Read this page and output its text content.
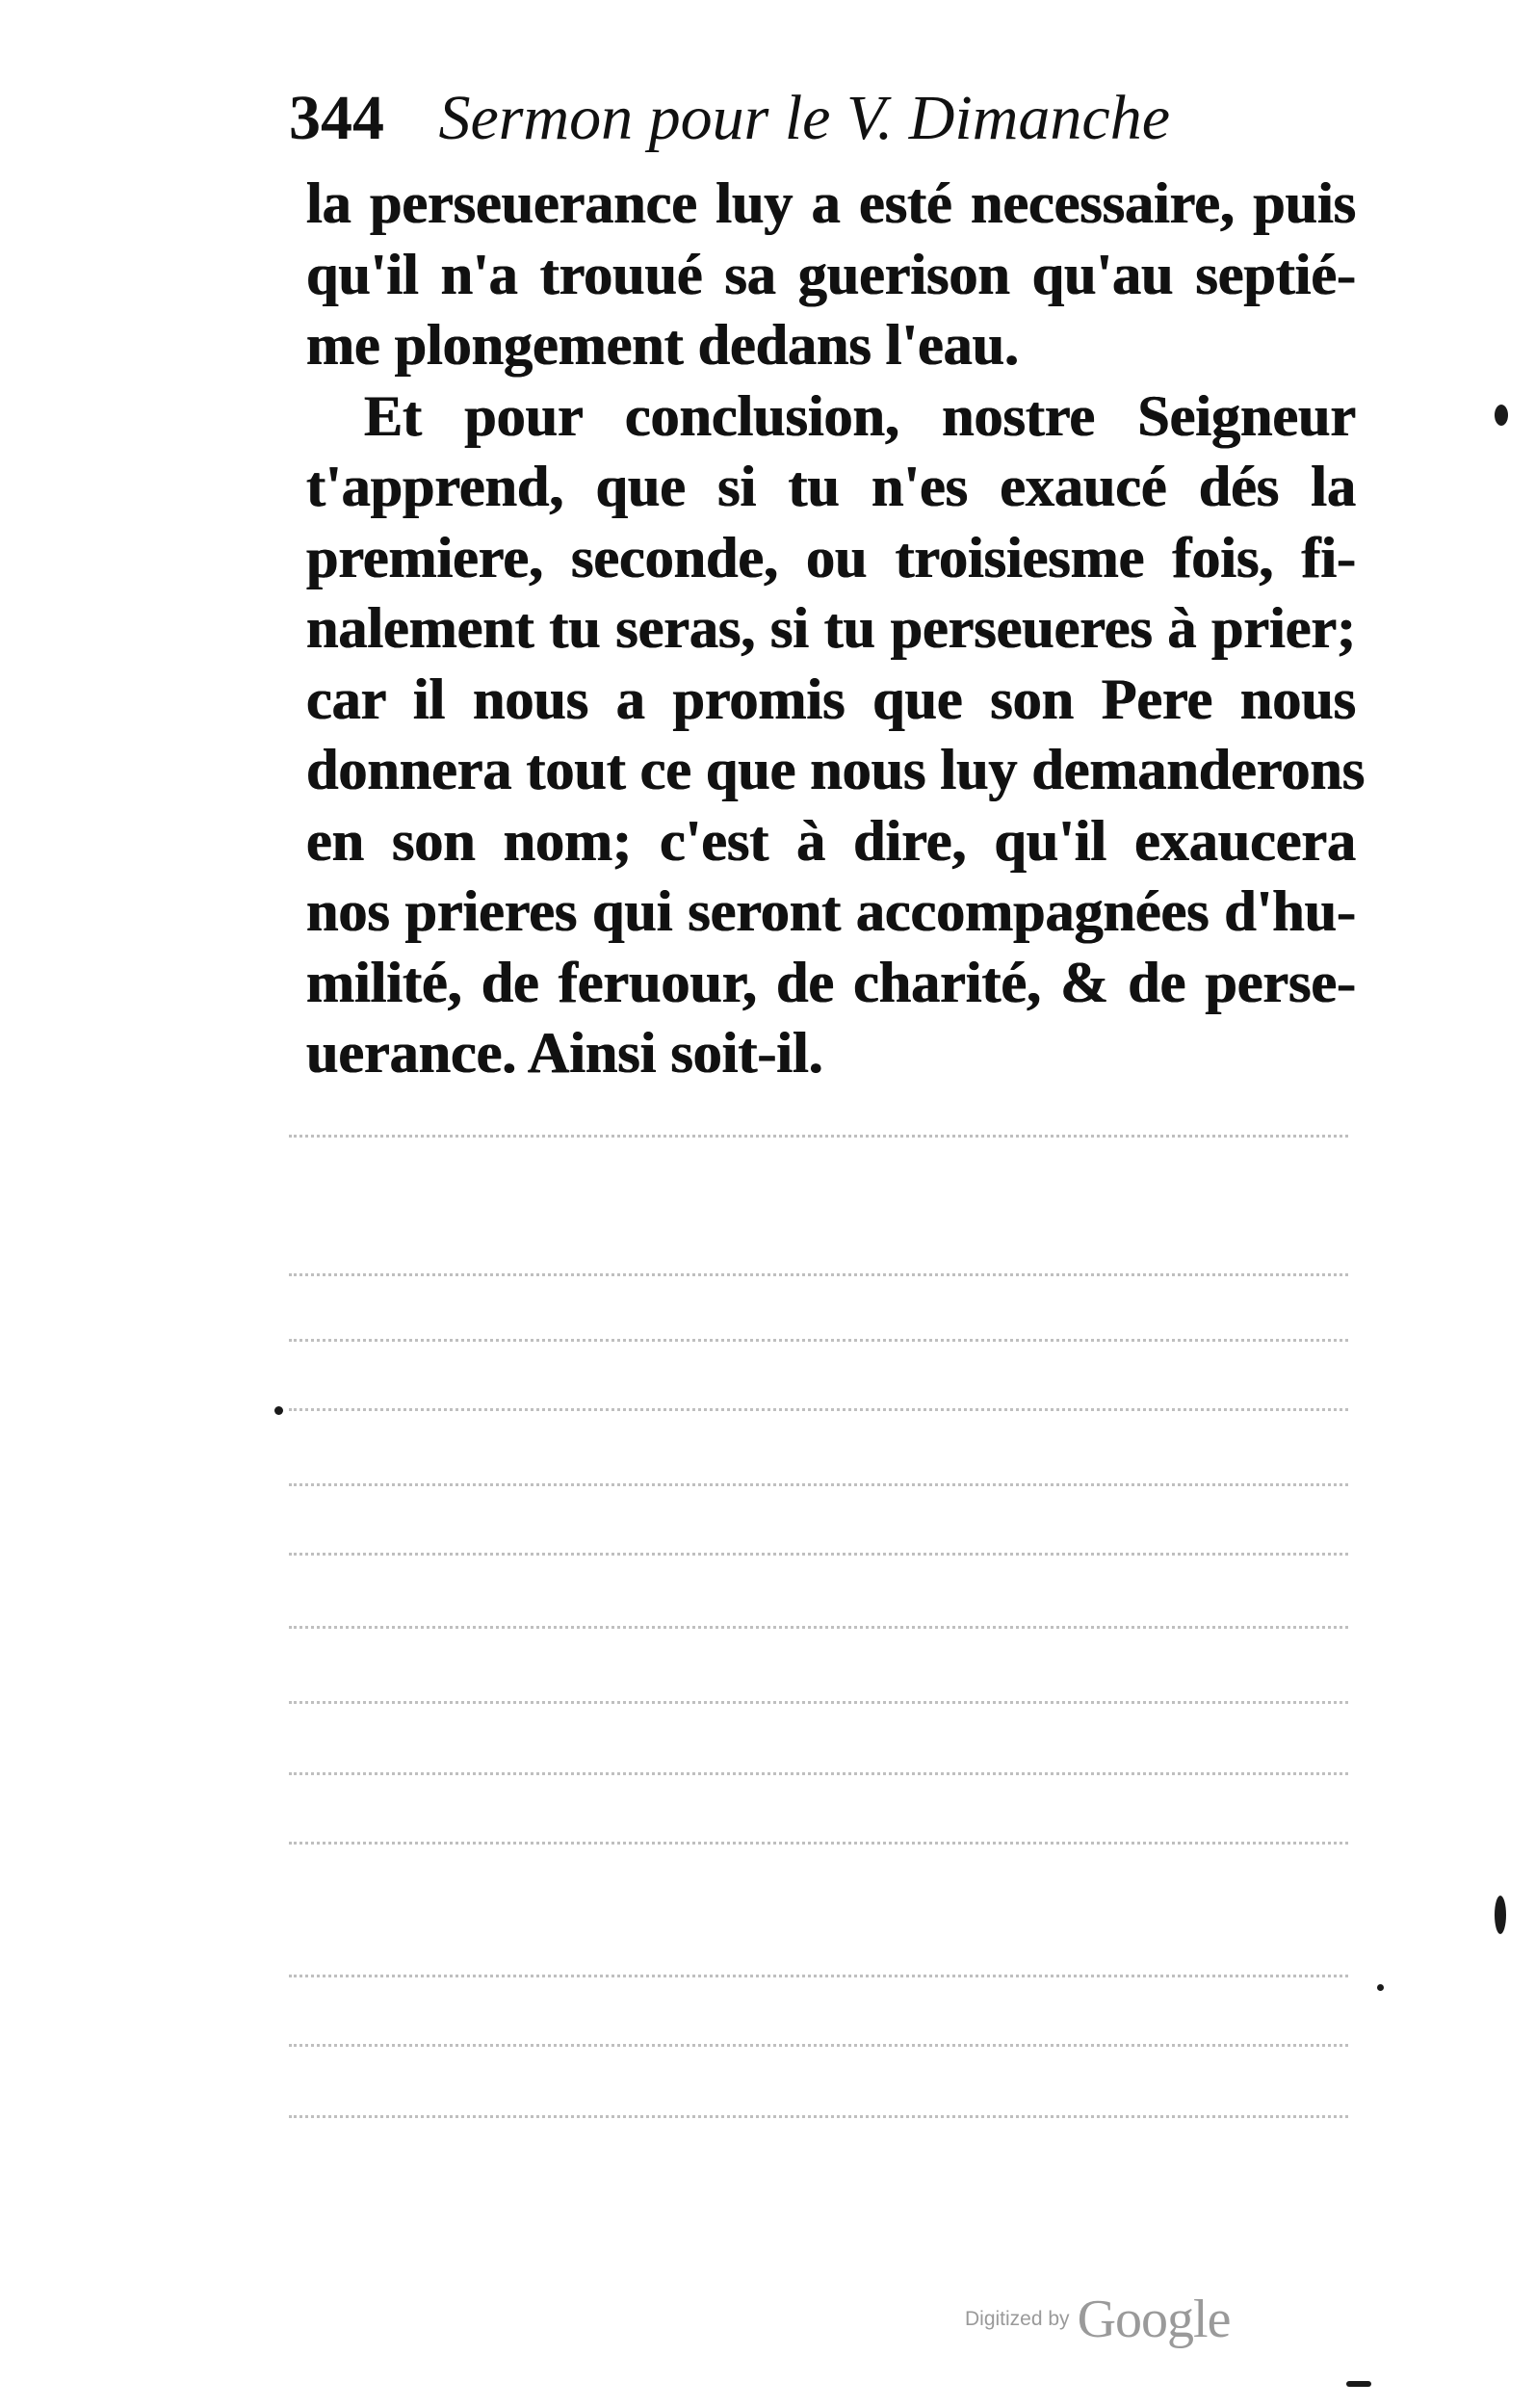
344 Sermon pour le V. Dimanche
la perseuerance luy a esté necessaire, puis
qu'il n'a trouué sa guerison qu'au septié-
me plongement dedans l'eau.
Et pour conclusion, nostre Seigneur
t'apprend, que si tu n'es exaucé dés la
premiere, seconde, ou troisiesme fois, fi-
nalement tu seras, si tu perseueres à prier;
car il nous a promis que son Pere nous
donnera tout ce que nous luy demanderons
en son nom; c'est à dire, qu'il exaucera
nos prieres qui seront accompagnées d'hu-
milité, de feruour, de charité, & de perse-
uerance. Ainsi soit-il.
Digitized by Google
